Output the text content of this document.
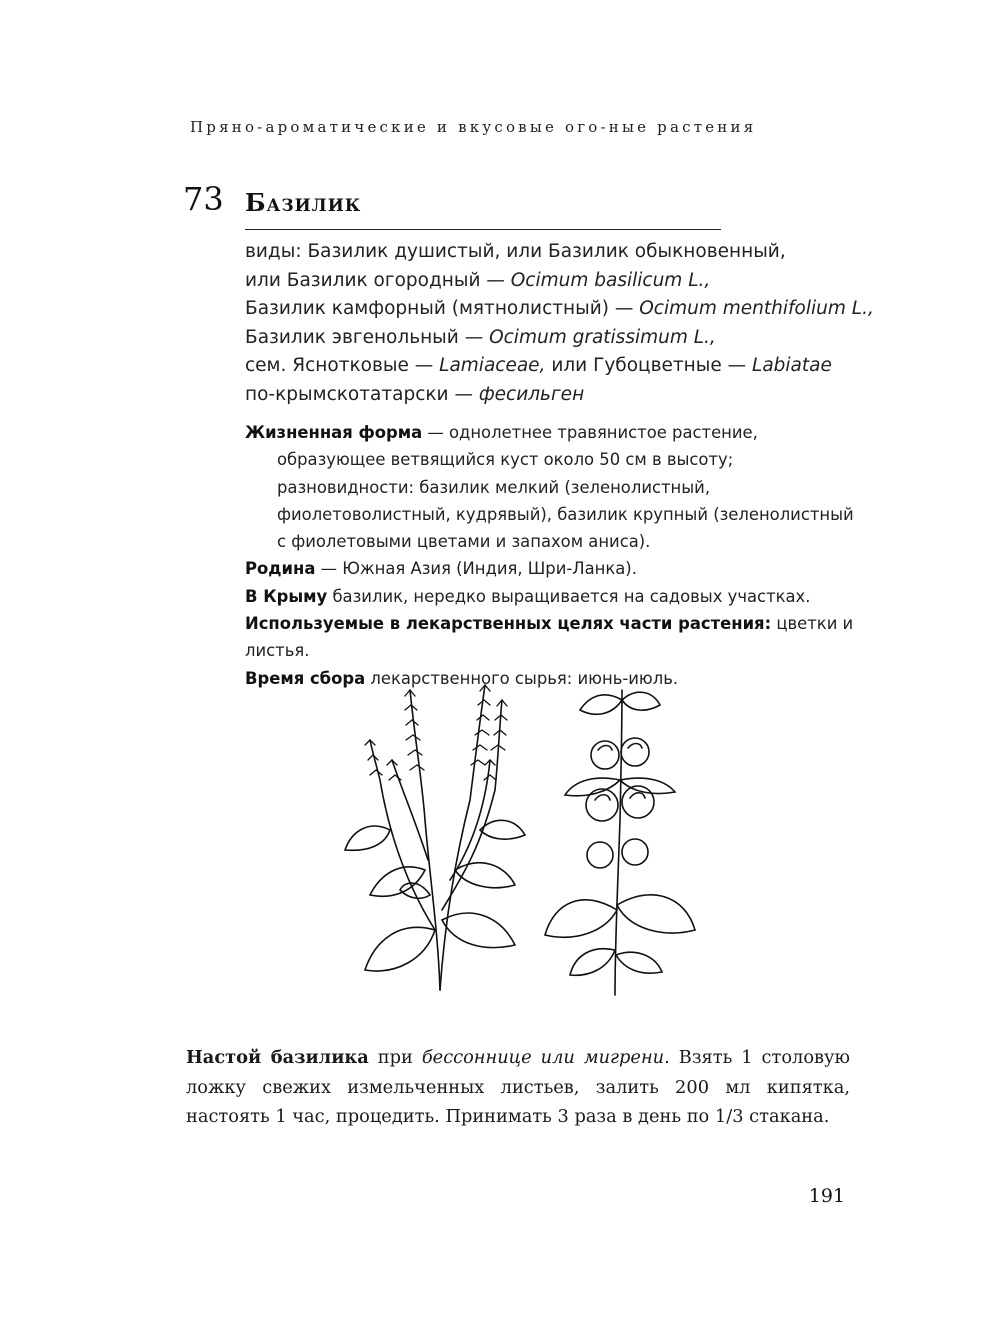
Пряно-ароматические и вкусовые ого-ные растения
73 Базилик
виды: Базилик душистый, или Базилик обыкновенный,
или Базилик огородный — Ocimum basilicum L.,
Базилик камфорный (мятнолистный) — Ocimum menthifolium L.,
Базилик эвгенольный — Ocimum gratissimum L.,
сем. Яснотковые — Lamiaceae, или Губоцветные — Labiatae
по-крымскотатарски — фесильген

Жизненная форма — однолетнее травянистое растение, образующее ветвящийся куст около 50 см в высоту; разновидности: базилик мелкий (зеленолистный, фиолетоволистный, кудрявый), базилик крупный (зеленолистный с фиолетовыми цветами и запахом аниса).

Родина — Южная Азия (Индия, Шри-Ланка).

В Крыму базилик, нередко выращивается на садовых участках.

Используемые в лекарственных целях части растения: цветки и листья.

Время сбора лекарственного сырья: июнь-июль.

Настой базилика при бессоннице или мигрени. Взять 1 столовую ложку свежих измельченных листьев, залить 200 мл кипятка, настоять 1 час, процедить. Принимать 3 раза в день по 1/3 стакана.
191
